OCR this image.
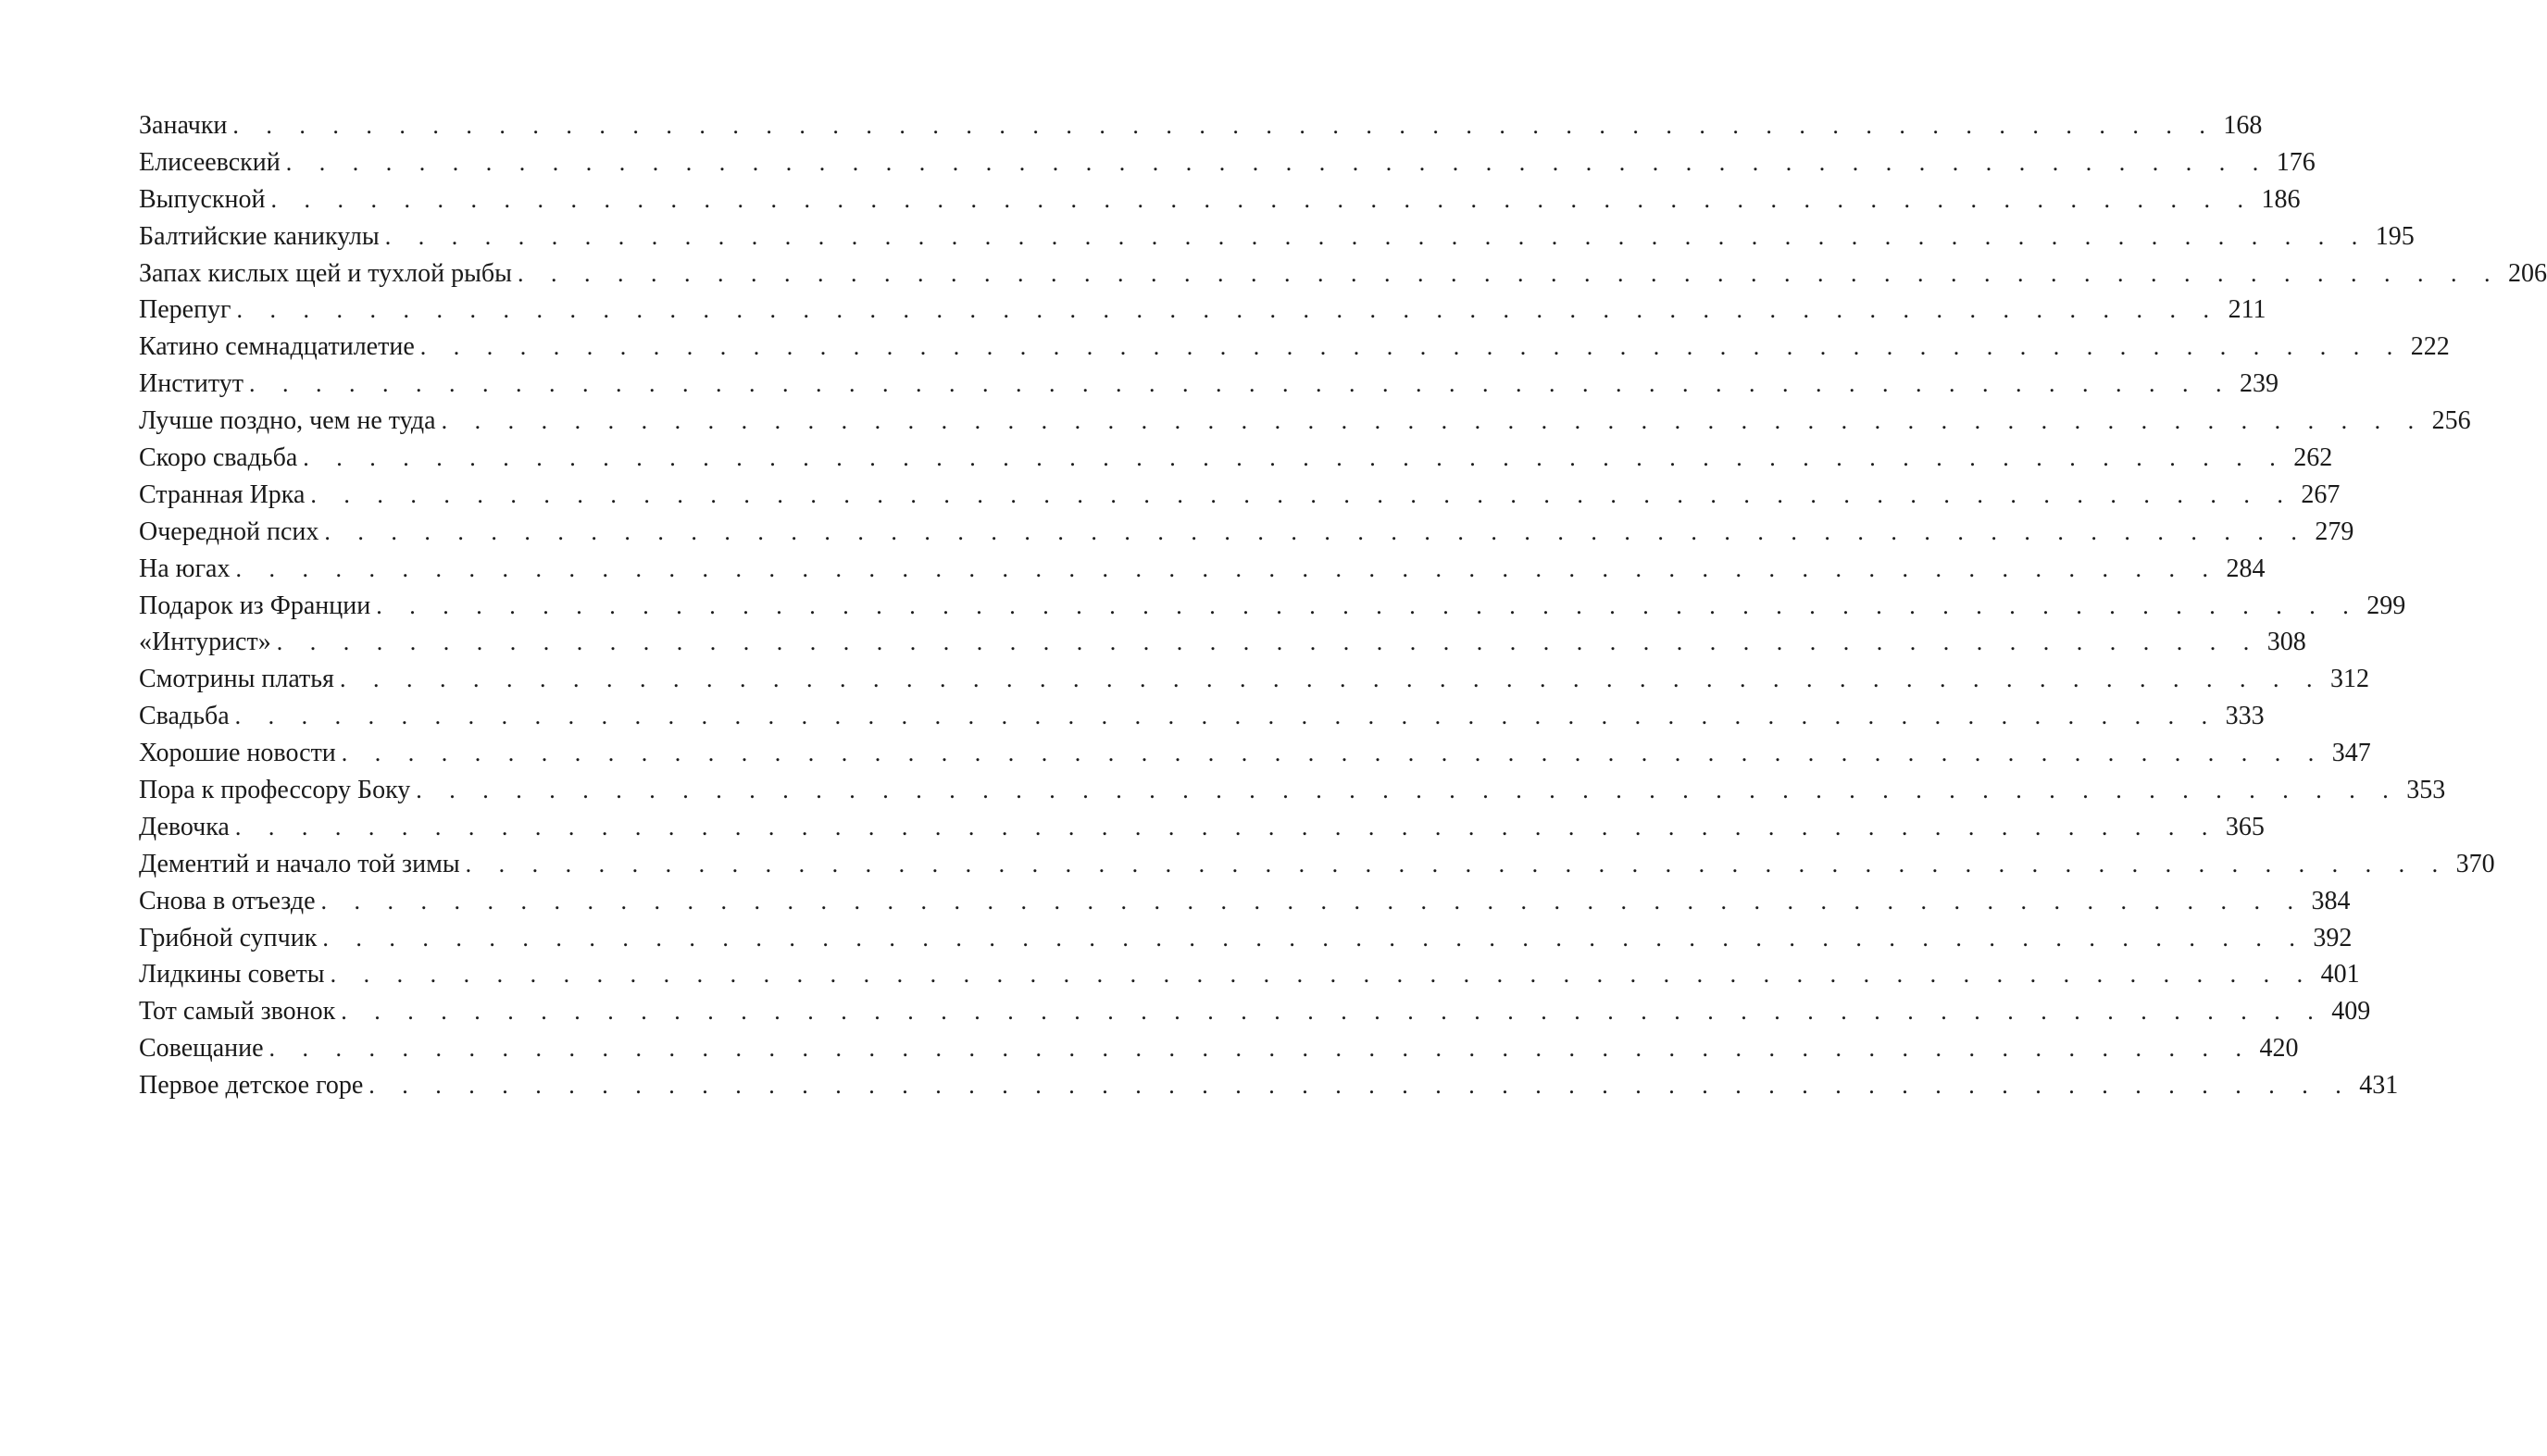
Заначки . . . . . . . . . . . . . . . . . . . . . . . . . . . . . . . . . . . . . . . . . . . . . . . . . . . . . . . . . . . . 168
Елисеевский . . . . . . . . . . . . . . . . . . . . . . . . . . . . . . . . . . . . . . . . . . . . . . . . . . . . . . . . . . . . 176
Выпускной . . . . . . . . . . . . . . . . . . . . . . . . . . . . . . . . . . . . . . . . . . . . . . . . . . . . . . . . . . . . 186
Балтийские каникулы . . . . . . . . . . . . . . . . . . . . . . . . . . . . . . . . . . . . . . . . . . . . . . . . . . . . . . . . . . . . 195
Запах кислых щей и тухлой рыбы . . . . . . . . . . . . . . . . . . . . . . . . . . . . . . . . . . . . . . . . . . . . . . . . . . . . . . . . . . . . 206
Перепуг . . . . . . . . . . . . . . . . . . . . . . . . . . . . . . . . . . . . . . . . . . . . . . . . . . . . . . . . . . . . 211
Катино семнадцатилетие . . . . . . . . . . . . . . . . . . . . . . . . . . . . . . . . . . . . . . . . . . . . . . . . . . . . . . . . . . . . 222
Институт . . . . . . . . . . . . . . . . . . . . . . . . . . . . . . . . . . . . . . . . . . . . . . . . . . . . . . . . . . . . 239
Лучше поздно, чем не туда . . . . . . . . . . . . . . . . . . . . . . . . . . . . . . . . . . . . . . . . . . . . . . . . . . . . . . . . . . . . 256
Скоро свадьба . . . . . . . . . . . . . . . . . . . . . . . . . . . . . . . . . . . . . . . . . . . . . . . . . . . . . . . . . . . . 262
Странная Ирка . . . . . . . . . . . . . . . . . . . . . . . . . . . . . . . . . . . . . . . . . . . . . . . . . . . . . . . . . . . . 267
Очередной псих . . . . . . . . . . . . . . . . . . . . . . . . . . . . . . . . . . . . . . . . . . . . . . . . . . . . . . . . . . . . 279
На югах . . . . . . . . . . . . . . . . . . . . . . . . . . . . . . . . . . . . . . . . . . . . . . . . . . . . . . . . . . . . 284
Подарок из Франции . . . . . . . . . . . . . . . . . . . . . . . . . . . . . . . . . . . . . . . . . . . . . . . . . . . . . . . . . . . . 299
«Интурист» . . . . . . . . . . . . . . . . . . . . . . . . . . . . . . . . . . . . . . . . . . . . . . . . . . . . . . . . . . . . 308
Смотрины платья . . . . . . . . . . . . . . . . . . . . . . . . . . . . . . . . . . . . . . . . . . . . . . . . . . . . . . . . . . . . 312
Свадьба . . . . . . . . . . . . . . . . . . . . . . . . . . . . . . . . . . . . . . . . . . . . . . . . . . . . . . . . . . . . 333
Хорошие новости . . . . . . . . . . . . . . . . . . . . . . . . . . . . . . . . . . . . . . . . . . . . . . . . . . . . . . . . . . . . 347
Пора к профессору Боку . . . . . . . . . . . . . . . . . . . . . . . . . . . . . . . . . . . . . . . . . . . . . . . . . . . . . . . . . . . . 353
Девочка . . . . . . . . . . . . . . . . . . . . . . . . . . . . . . . . . . . . . . . . . . . . . . . . . . . . . . . . . . . . 365
Дементий и начало той зимы . . . . . . . . . . . . . . . . . . . . . . . . . . . . . . . . . . . . . . . . . . . . . . . . . . . . . . . . . . . . 370
Снова в отъезде . . . . . . . . . . . . . . . . . . . . . . . . . . . . . . . . . . . . . . . . . . . . . . . . . . . . . . . . . . . . 384
Грибной супчик . . . . . . . . . . . . . . . . . . . . . . . . . . . . . . . . . . . . . . . . . . . . . . . . . . . . . . . . . . . . 392
Лидкины советы . . . . . . . . . . . . . . . . . . . . . . . . . . . . . . . . . . . . . . . . . . . . . . . . . . . . . . . . . . . . 401
Тот самый звонок . . . . . . . . . . . . . . . . . . . . . . . . . . . . . . . . . . . . . . . . . . . . . . . . . . . . . . . . . . . . 409
Совещание . . . . . . . . . . . . . . . . . . . . . . . . . . . . . . . . . . . . . . . . . . . . . . . . . . . . . . . . . . . . 420
Первое детское горе . . . . . . . . . . . . . . . . . . . . . . . . . . . . . . . . . . . . . . . . . . . . . . . . . . . . . . . . . . . . 431
